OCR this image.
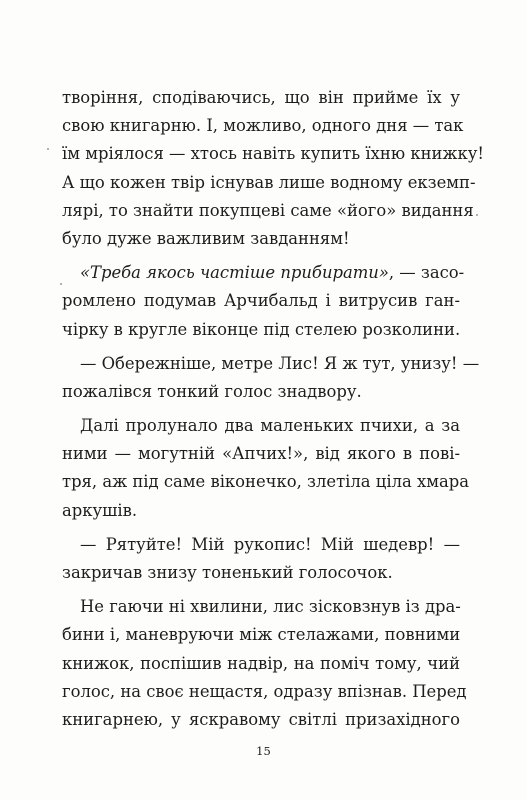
творіння, сподіваючись, що він прийме їх у
свою книгарню. І, можливо, одного дня — так
їм мріялося — хтось навіть купить їхню книжку!
А що кожен твір існував лише водному екземп-
лярі, то знайти покупцеві саме «його» видання
було дуже важливим завданням!
«Треба якось частіше прибирати», — засо-
ромлено подумав Арчибальд і витрусив ган-
чірку в кругле віконце під стелею розколини.
— Обережніше, метре Лис! Я ж тут, унизу! —
пожалівся тонкий голос знадвору.
Далі пролунало два маленьких пчихи, а за
ними — могутній «Апчих!», від якого в пові-
тря, аж під саме віконечко, злетіла ціла хмара
аркушів.
— Рятуйте! Мій рукопис! Мій шедевр! —
закричав знизу тоненький голосочок.
Не гаючи ні хвилини, лис зісковзнув із дра-
бини і, маневруючи між стелажами, повними
книжок, поспішив надвір, на поміч тому, чий
голос, на своє нещастя, одразу впізнав. Перед
книгарнею, у яскравому світлі призахідного
15
